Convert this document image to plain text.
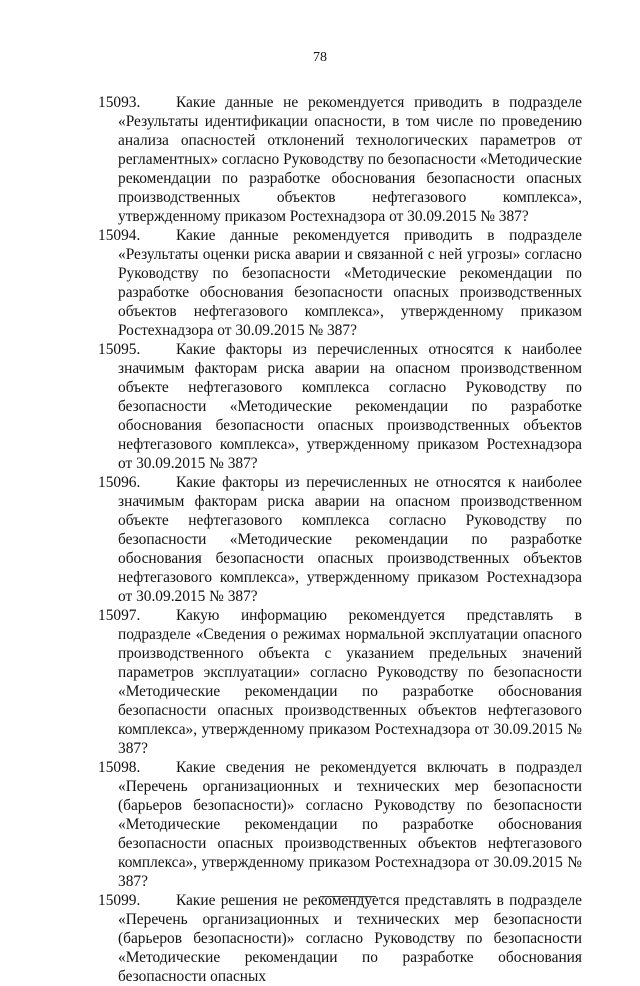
78

15093. Какие данные не рекомендуется приводить в подразделе «Результаты идентификации опасности, в том числе по проведению анализа опасностей отклонений технологических параметров от регламентных» согласно Руководству по безопасности «Методические рекомендации по разработке обоснования безопасности опасных производственных объектов нефтегазового комплекса», утвержденному приказом Ростехнадзора от 30.09.2015 № 387?

15094. Какие данные рекомендуется приводить в подразделе «Результаты оценки риска аварии и связанной с ней угрозы» согласно Руководству по безопасности «Методические рекомендации по разработке обоснования безопасности опасных производственных объектов нефтегазового комплекса», утвержденному приказом Ростехнадзора от 30.09.2015 № 387?

15095. Какие факторы из перечисленных относятся к наиболее значимым факторам риска аварии на опасном производственном объекте нефтегазового комплекса согласно Руководству по безопасности «Методические рекомендации по разработке обоснования безопасности опасных производственных объектов нефтегазового комплекса», утвержденному приказом Ростехнадзора от 30.09.2015 № 387?

15096. Какие факторы из перечисленных не относятся к наиболее значимым факторам риска аварии на опасном производственном объекте нефтегазового комплекса согласно Руководству по безопасности «Методические рекомендации по разработке обоснования безопасности опасных производственных объектов нефтегазового комплекса», утвержденному приказом Ростехнадзора от 30.09.2015 № 387?

15097. Какую информацию рекомендуется представлять в подразделе «Сведения о режимах нормальной эксплуатации опасного производственного объекта с указанием предельных значений параметров эксплуатации» согласно Руководству по безопасности «Методические рекомендации по разработке обоснования безопасности опасных производственных объектов нефтегазового комплекса», утвержденному приказом Ростехнадзора от 30.09.2015 № 387?

15098. Какие сведения не рекомендуется включать в подраздел «Перечень организационных и технических мер безопасности (барьеров безопасности)» согласно Руководству по безопасности «Методические рекомендации по разработке обоснования безопасности опасных производственных объектов нефтегазового комплекса», утвержденному приказом Ростехнадзора от 30.09.2015 № 387?

15099. Какие решения не рекомендуется представлять в подразделе «Перечень организационных и технических мер безопасности (барьеров безопасности)» согласно Руководству по безопасности «Методические рекомендации по разработке обоснования безопасности опасных
